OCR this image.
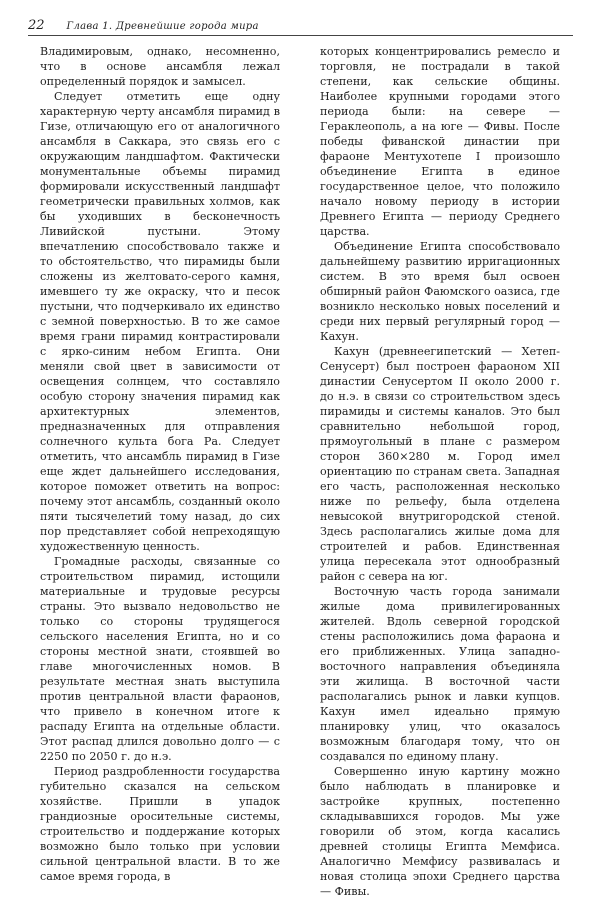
22 Глава 1. Древнейшие города мира

Владимировым, однако, несомненно, что в основе ансамбля лежал определенный порядок и замысел.

Следует отметить еще одну характерную черту ансамбля пирамид в Гизе, отличающую его от аналогичного ансамбля в Саккара, это связь его с окружающим ландшафтом. Фактически монументальные объемы пирамид формировали искусственный ландшафт геометрически правильных холмов, как бы уходивших в бесконечность Ливийской пустыни. Этому впечатлению способствовало также и то обстоятельство, что пирамиды были сложены из желтовато-серого камня, имевшего ту же окраску, что и песок пустыни, что подчеркивало их единство с земной поверхностью. В то же самое время грани пирамид контрастировали с ярко-синим небом Египта. Они меняли свой цвет в зависимости от освещения солнцем, что составляло особую сторону значения пирамид как архитектурных элементов, предназначенных для отправления солнечного культа бога Ра. Следует отметить, что ансамбль пирамид в Гизе еще ждет дальнейшего исследования, которое поможет ответить на вопрос: почему этот ансамбль, созданный около пяти тысячелетий тому назад, до сих пор представляет собой непреходящую художественную ценность.

Громадные расходы, связанные со строительством пирамид, истощили материальные и трудовые ресурсы страны. Это вызвало недовольство не только со стороны трудящегося сельского населения Египта, но и со стороны местной знати, стоявшей во главе многочисленных номов. В результате местная знать выступила против центральной власти фараонов, что привело в конечном итоге к распаду Египта на отдельные области. Этот распад длился довольно долго — с 2250 по 2050 г. до н.э.

Период раздробленности государства губительно сказался на сельском хозяйстве. Пришли в упадок грандиозные оросительные системы, строительство и поддержание которых возможно было только при условии сильной центральной власти. В то же самое время города, в

которых концентрировались ремесло и торговля, не пострадали в такой степени, как сельские общины. Наиболее крупными городами этого периода были: на севере — Гераклеополь, а на юге — Фивы. После победы фиванской династии при фараоне Ментухотепе I произошло объединение Египта в единое государственное целое, что положило начало новому периоду в истории Древнего Египта — периоду Среднего царства.

Объединение Египта способствовало дальнейшему развитию ирригационных систем. В это время был освоен обширный район Фаюмского оазиса, где возникло несколько новых поселений и среди них первый регулярный город — Кахун.

Кахун (древнеегипетский — Хетеп-Сенусерт) был построен фараоном XII династии Сенусертом II около 2000 г. до н.э. в связи со строительством здесь пирамиды и системы каналов. Это был сравнительно небольшой город, прямоугольный в плане с размером сторон 360×280 м. Город имел ориентацию по странам света. Западная его часть, расположенная несколько ниже по рельефу, была отделена невысокой внутригородской стеной. Здесь располагались жилые дома для строителей и рабов. Единственная улица пересекала этот однообразный район с севера на юг.

Восточную часть города занимали жилые дома привилегированных жителей. Вдоль северной городской стены расположились дома фараона и его приближенных. Улица западно-восточного направления объединяла эти жилища. В восточной части располагались рынок и лавки купцов. Кахун имел идеально прямую планировку улиц, что оказалось возможным благодаря тому, что он создавался по единому плану.

Совершенно иную картину можно было наблюдать в планировке и застройке крупных, постепенно складывавшихся городов. Мы уже говорили об этом, когда касались древней столицы Египта Мемфиса. Аналогично Мемфису развивалась и новая столица эпохи Среднего царства — Фивы.
